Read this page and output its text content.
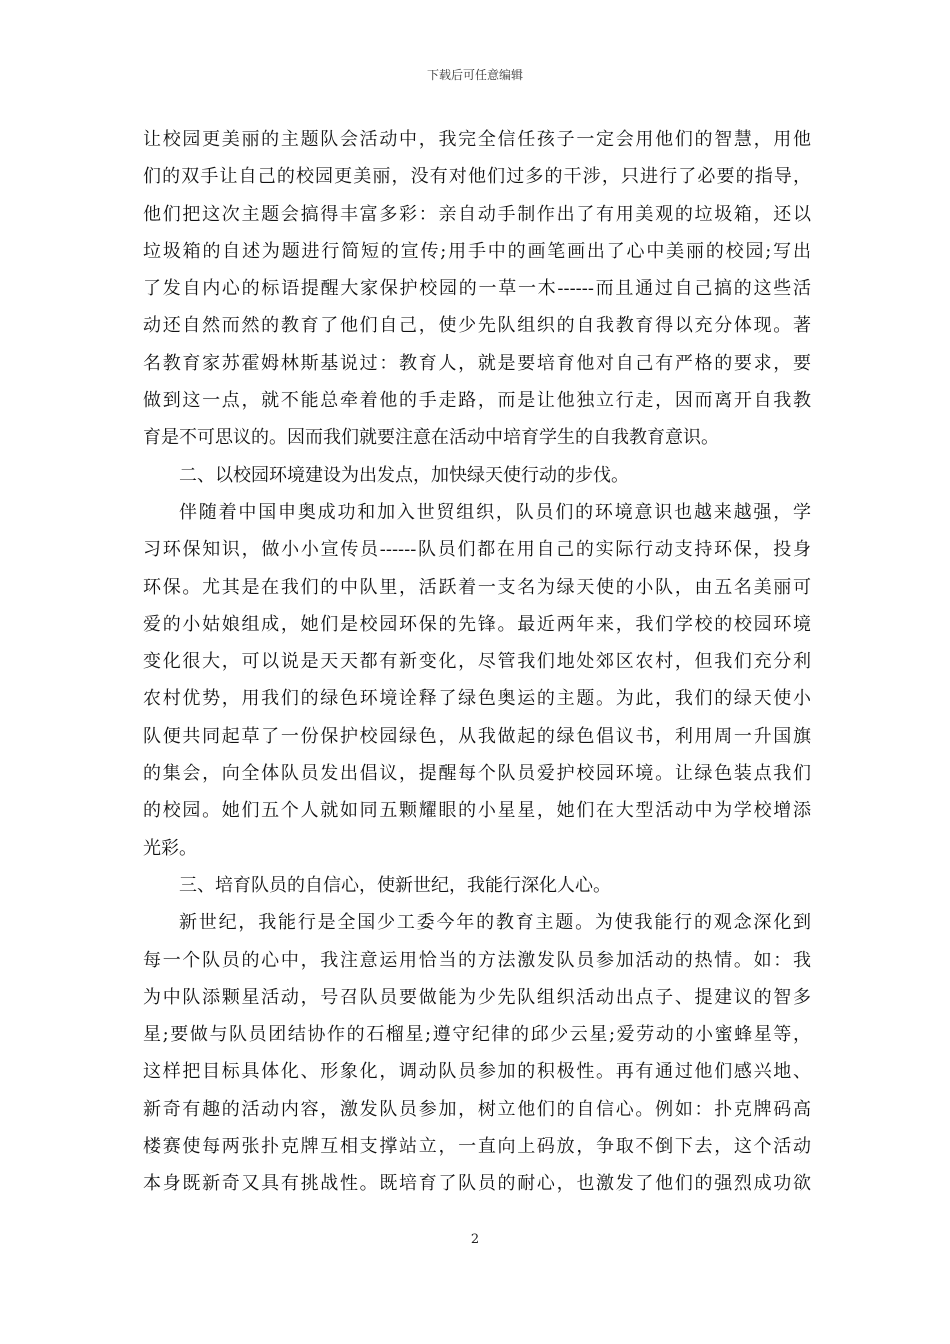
下载后可任意编辑
让校园更美丽的主题队会活动中，我完全信任孩子一定会用他们的智慧，用他
们的双手让自己的校园更美丽，没有对他们过多的干涉，只进行了必要的指导，
他们把这次主题会搞得丰富多彩：亲自动手制作出了有用美观的垃圾箱，还以
垃圾箱的自述为题进行简短的宣传;用手中的画笔画出了心中美丽的校园;写出
了发自内心的标语提醒大家保护校园的一草一木------而且通过自己搞的这些活
动还自然而然的教育了他们自己，使少先队组织的自我教育得以充分体现。著
名教育家苏霍姆林斯基说过：教育人，就是要培育他对自己有严格的要求，要
做到这一点，就不能总牵着他的手走路，而是让他独立行走，因而离开自我教
育是不可思议的。因而我们就要注意在活动中培育学生的自我教育意识。
二、以校园环境建设为出发点，加快绿天使行动的步伐。
伴随着中国申奥成功和加入世贸组织，队员们的环境意识也越来越强，学
习环保知识，做小小宣传员------队员们都在用自己的实际行动支持环保，投身
环保。尤其是在我们的中队里，活跃着一支名为绿天使的小队，由五名美丽可
爱的小姑娘组成，她们是校园环保的先锋。最近两年来，我们学校的校园环境
变化很大，可以说是天天都有新变化，尽管我们地处郊区农村，但我们充分利
农村优势，用我们的绿色环境诠释了绿色奥运的主题。为此，我们的绿天使小
队便共同起草了一份保护校园绿色，从我做起的绿色倡议书，利用周一升国旗
的集会，向全体队员发出倡议，提醒每个队员爱护校园环境。让绿色装点我们
的校园。她们五个人就如同五颗耀眼的小星星，她们在大型活动中为学校增添
光彩。
三、培育队员的自信心，使新世纪，我能行深化人心。
新世纪，我能行是全国少工委今年的教育主题。为使我能行的观念深化到
每一个队员的心中，我注意运用恰当的方法激发队员参加活动的热情。如：我
为中队添颗星活动，号召队员要做能为少先队组织活动出点子、提建议的智多
星;要做与队员团结协作的石榴星;遵守纪律的邱少云星;爱劳动的小蜜蜂星等，
这样把目标具体化、形象化，调动队员参加的积极性。再有通过他们感兴地、
新奇有趣的活动内容，激发队员参加，树立他们的自信心。例如：扑克牌码高
楼赛使每两张扑克牌互相支撑站立，一直向上码放，争取不倒下去，这个活动
本身既新奇又具有挑战性。既培育了队员的耐心，也激发了他们的强烈成功欲
2
